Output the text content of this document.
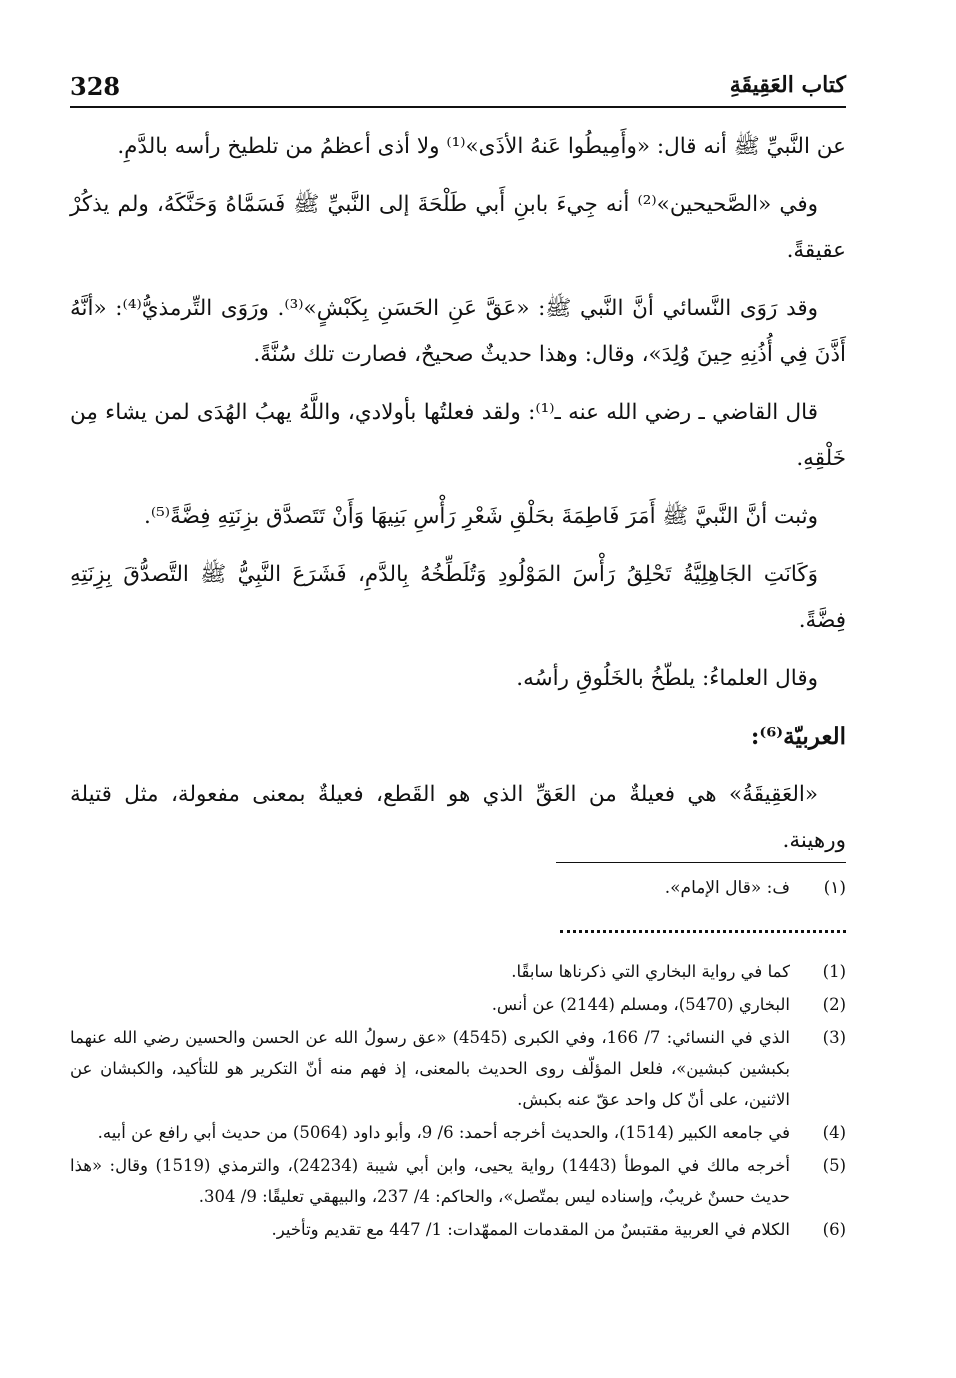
328	كتاب العَقِيقَةِ

عن النَّبيِّ ﷺ أنه قال: «وأَمِيطُوا عَنهُ الأذَى»⁽¹⁾ ولا أذى أعظمُ من تلطيخ رأسه بالدَّمِ.

وفي «الصَّحيحين»⁽²⁾ أنه جِيءَ بابنِ أَبي طَلْحَةَ إلى النَّبيِّ ﷺ فَسَمَّاهُ وَحَنَّكَهُ، ولم يذكُرْ عقيقةً.

وقد رَوَى النَّسائي أنَّ النَّبي ﷺ: «عَقَّ عَنِ الحَسَنِ بِكَبْشٍ»⁽³⁾. ورَوَى التِّرمذيُّ⁽⁴⁾: «أنَّهُ أَذَّنَ فِي أُذُنِهِ حِينَ وُلِدَ»، وقال: وهذا حديثٌ صحيحٌ، فصارت تلك سُنَّةً.

قال القاضي ـ رضي الله عنه ـ⁽¹⁾: ولقد فعلتُها بأولادي، واللَّهُ يهبُ الهُدَى لمن يشاء مِن خَلْقِهِ.

وثبت أنَّ النَّبيَّ ﷺ أَمَرَ فَاطِمَةَ بحَلْقِ شَعْرِ رَأْسِ بَنِيهَا وَأَنْ تَتَصدَّق بزِنَتِهِ فِضَّةً⁽⁵⁾.

وَكَانَتِ الجَاهِلِيَّةُ تَحْلِقُ رَأْسَ المَوْلُودِ وَتُلَطِّخُهُ بِالدَّمِ، فَشَرَعَ النَّبِيُّ ﷺ التَّصدُّقَ بِزِنَتِهِ فِضَّةً.

وقال العلماءُ: يلطّخُ بالخَلُوقِ رأسُه.

العربيّة⁽⁶⁾:

«العَقِيقَةُ» هي فعيلةٌ من العَقِّ الذي هو القَطع، فعيلةٌ بمعنى مفعولة، مثل قتيلة ورهينة.

(١)
ف: «قال الإمام».
(1)
كما في رواية البخاري التي ذكرناها سابقًا.
(2)
البخاري (5470)، ومسلم (2144) عن أنس.
(3)
الذي في النسائي: 7/ 166، وفي الكبرى (4545) «عق رسولُ الله عن الحسن والحسين رضي الله عنهما بكبشين كبشين»، فلعل المؤلّف روى الحديث بالمعنى، إذ فهم منه أنّ التكرير هو للتأكيد، والكبشان عن الاثنين، على أنّ كل واحد عقّ عنه بكبش.
(4)
في جامعه الكبير (1514)، والحديث أخرجه أحمد: 6/ 9، وأبو داود (5064) من حديث أبي رافع عن أبيه.
(5)
أخرجه مالك في الموطأ (1443) رواية يحيى، وابن أبي شيبة (24234)، والترمذي (1519) وقال: «هذا حديث حسنٌ غريبٌ، وإسناده ليس بمتّصل»، والحاكم: 4/ 237، والبيهقي تعليقًا: 9/ 304.
(6)
الكلام في العربية مقتبسٌ من المقدمات الممهّدات: 1/ 447 مع تقديم وتأخير.
